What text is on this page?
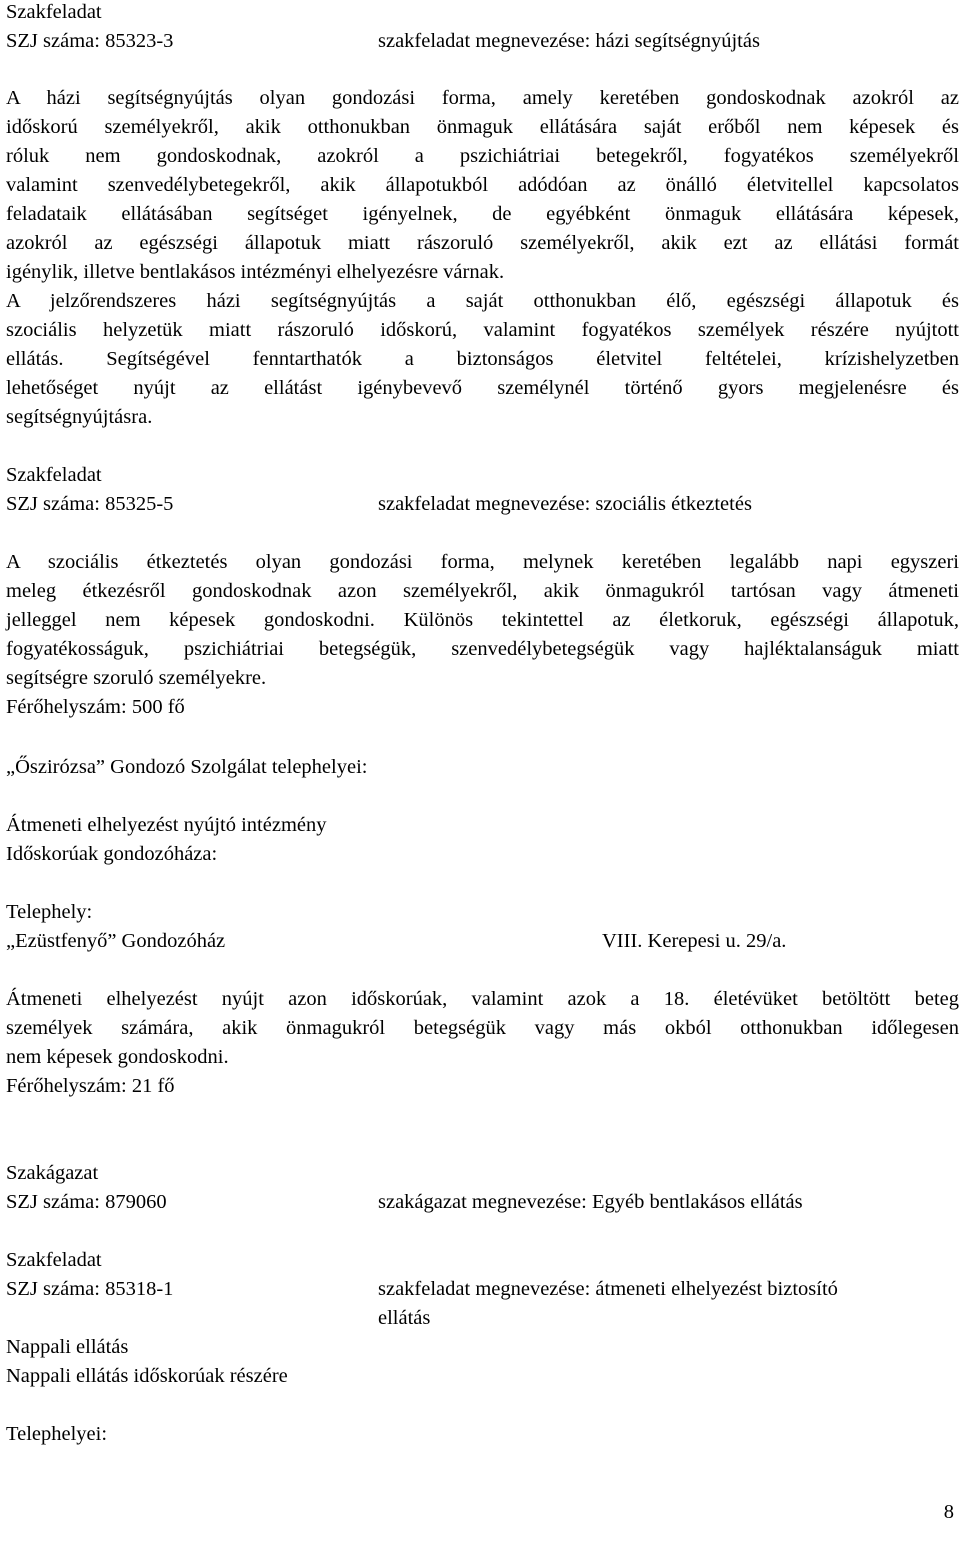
Szakfeladat
SZJ száma: 85323-3	szakfeladat megnevezése: házi segítségnyújtás
A házi segítségnyújtás olyan gondozási forma, amely keretében gondoskodnak azokról az
időskorú személyekről, akik otthonukban önmaguk ellátására saját erőből nem képesek és
róluk nem gondoskodnak, azokról a pszichiátriai betegekről, fogyatékos személyekről
valamint szenvedélybetegekről, akik állapotukból adódóan az önálló életvitellel kapcsolatos
feladataik ellátásában segítséget igényelnek, de egyébként önmaguk ellátására képesek,
azokról az egészségi állapotuk miatt rászoruló személyekről, akik ezt az ellátási formát
igénylik, illetve bentlakásos intézményi elhelyezésre várnak.
A jelzőrendszeres házi segítségnyújtás a saját otthonukban élő, egészségi állapotuk és
szociális helyzetük miatt rászoruló időskorú, valamint fogyatékos személyek részére nyújtott
ellátás. Segítségével fenntarthatók a biztonságos életvitel feltételei, krízishelyzetben
lehetőséget nyújt az ellátást igénybevevő személynél történő gyors megjelenésre és
segítségnyújtásra.
Szakfeladat
SZJ száma: 85325-5	szakfeladat megnevezése: szociális étkeztetés
A szociális étkeztetés olyan gondozási forma, melynek keretében legalább napi egyszeri
meleg étkezésről gondoskodnak azon személyekről, akik önmagukról tartósan vagy átmeneti
jelleggel nem képesek gondoskodni. Különös tekintettel az életkoruk, egészségi állapotuk,
fogyatékosságuk, pszichiátriai betegségük, szenvedélybetegségük vagy hajléktalanságuk miatt
segítségre szoruló személyekre.
Férőhelyszám: 500 fő
„Őszirózsa” Gondozó Szolgálat telephelyei:
Átmeneti elhelyezést nyújtó intézmény
Időskorúak gondozóháza:
Telephely:
„Ezüstfenyő” Gondozóház	VIII. Kerepesi u. 29/a.
Átmeneti elhelyezést nyújt azon időskorúak, valamint azok a 18. életévüket betöltött beteg
személyek számára, akik önmagukról betegségük vagy más okból otthonukban időlegesen
nem képesek gondoskodni.
Férőhelyszám: 21 fő
Szakágazat
SZJ száma: 879060	szakágazat megnevezése: Egyéb bentlakásos ellátás
Szakfeladat
SZJ száma: 85318-1	szakfeladat megnevezése: átmeneti elhelyezést biztosító
ellátás
Nappali ellátás
Nappali ellátás időskorúak részére
Telephelyei:
8
